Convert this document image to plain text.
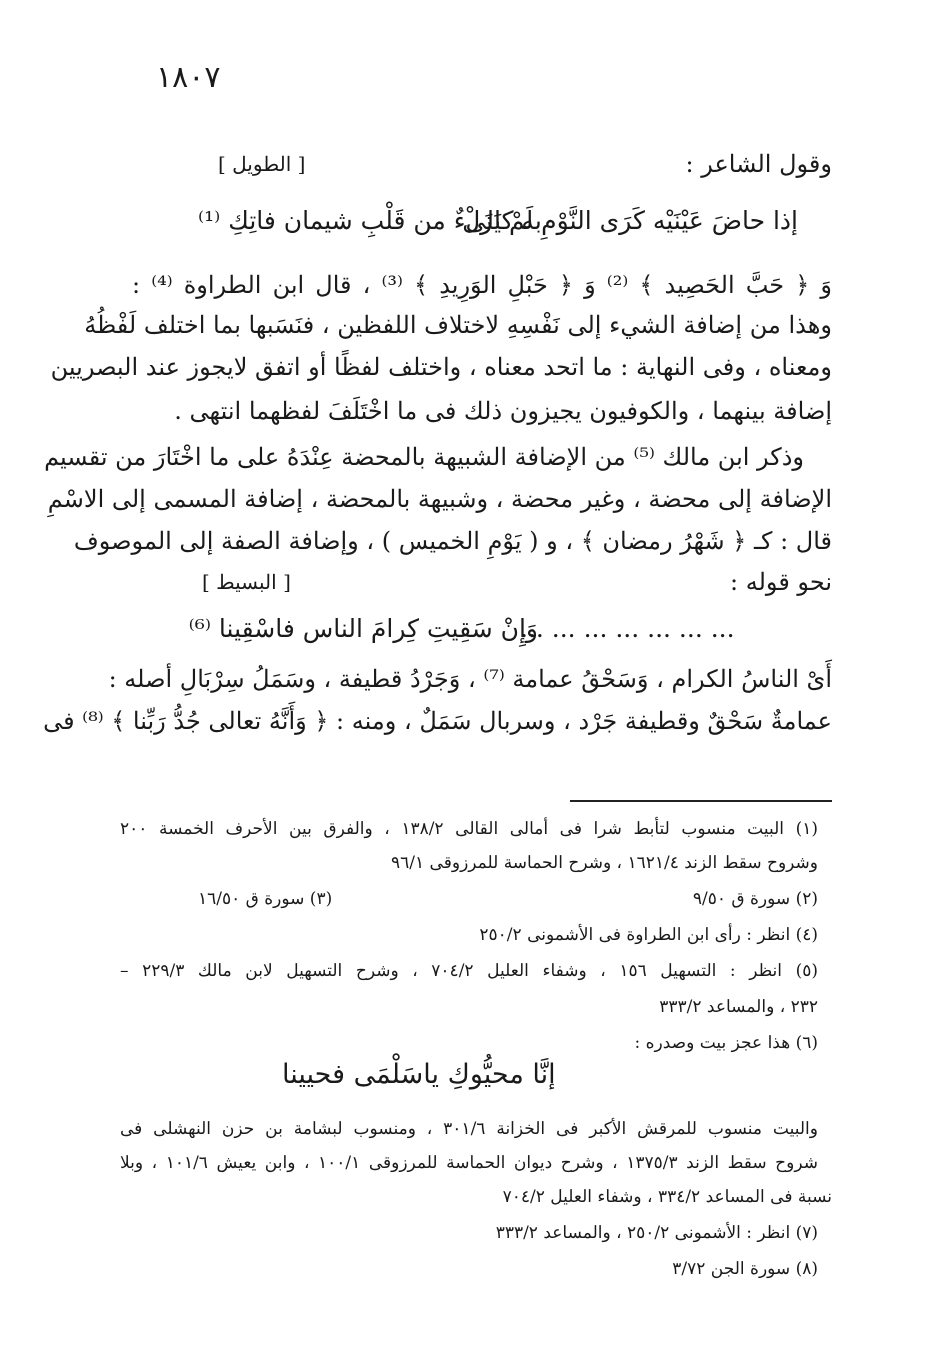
١٨٠٧
وقول الشاعر :
[ الطويل ]
إذا حاضَ عَيْنَيْه كَرَى النَّوْمِ لَمْ يَزَلْ
به كالىءٌ من قَلْبِ شيمان فاتِكِ ⁽¹⁾
وَ ﴿ حَبَّ الحَصِيد ﴾ ⁽²⁾ وَ ﴿ حَبْلِ الوَرِيدِ ﴾ ⁽³⁾ ، قال ابن الطراوة ⁽⁴⁾ :
وهذا من إضافة الشيء إلى نَفْسِهِ لاختلاف اللفظين ، فنَسَبها بما اختلف لَفْظُهُ
ومعناه ، وفى النهاية : ما اتحد معناه ، واختلف لفظًا أو اتفق لايجوز عند البصريين
إضافة بينهما ، والكوفيون يجيزون ذلك فى ما اخْتَلَفَ لفظهما انتهى .
وذكر ابن مالك ⁽⁵⁾ من الإضافة الشبيهة بالمحضة عِنْدَهُ على ما اخْتَارَ من تقسيم
الإضافة إلى محضة ، وغير محضة ، وشبيهة بالمحضة ، إضافة المسمى إلى الاسْمِ
قال : كـ ﴿ شَهْرُ رمضان ﴾ ، و ( يَوْمِ الخميس ) ، وإضافة الصفة إلى الموصوف
نحو قوله :
[ البسيط ]
وَإِنْ سَقِيتِ كِرامَ الناس فاسْقِينا ⁽⁶⁾
... ... ... ... ... ... ...
أَىْ الناسُ الكرام ، وَسَحْقُ عمامة ⁽⁷⁾ ، وَجَرْدُ قطيفة ، وسَمَلُ سِرْبَالِ أصله :
عمامةٌ سَحْقٌ وقطيفة جَرْد ، وسربال سَمَلٌ ، ومنه : ﴿ وَأَنَّهُ تعالى جُدُّ رَبِّنا ﴾ ⁽⁸⁾ فى
(١) البيت منسوب لتأبط شرا فى أمالى القالى ١٣٨/٢ ، والفرق بين الأحرف الخمسة ٢٠٠
وشروح سقط الزند ١٦٢١/٤ ، وشرح الحماسة للمرزوقى ٩٦/١
(٢) سورة ق ٩/٥٠
(٣) سورة ق ١٦/٥٠
(٤) انظر : رأى ابن الطراوة فى الأشمونى ٢٥٠/٢
(٥) انظر : التسهيل ١٥٦ ، وشفاء العليل ٧٠٤/٢ ، وشرح التسهيل لابن مالك ٢٢٩/٣ –
٢٣٢ ، والمساعد ٣٣٣/٢
(٦) هذا عجز بيت وصدره :
إنَّا محيُّوكِ ياسَلْمَى فحيينا
والبيت منسوب للمرقش الأكبر فى الخزانة ٣٠١/٦ ، ومنسوب لبشامة بن حزن النهشلى فى
شروح سقط الزند ١٣٧٥/٣ ، وشرح ديوان الحماسة للمرزوقى ١٠٠/١ ، وابن يعيش ١٠١/٦ ، وبلا
نسبة فى المساعد ٣٣٤/٢ ، وشفاء العليل ٧٠٤/٢
(٧) انظر : الأشمونى ٢٥٠/٢ ، والمساعد ٣٣٣/٢
(٨) سورة الجن ٣/٧٢
